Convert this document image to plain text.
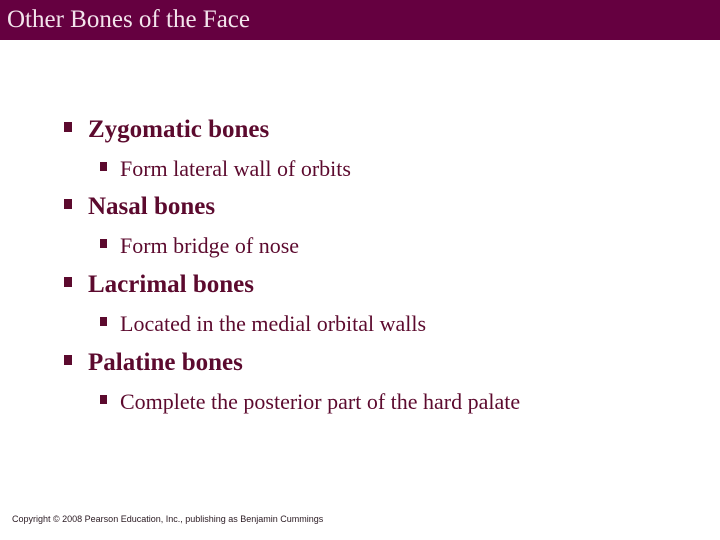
Other Bones of the Face
Zygomatic bones
Form lateral wall of orbits
Nasal bones
Form bridge of nose
Lacrimal bones
Located in the medial orbital walls
Palatine bones
Complete the posterior part of the hard palate
Copyright © 2008 Pearson Education, Inc., publishing as Benjamin Cummings
